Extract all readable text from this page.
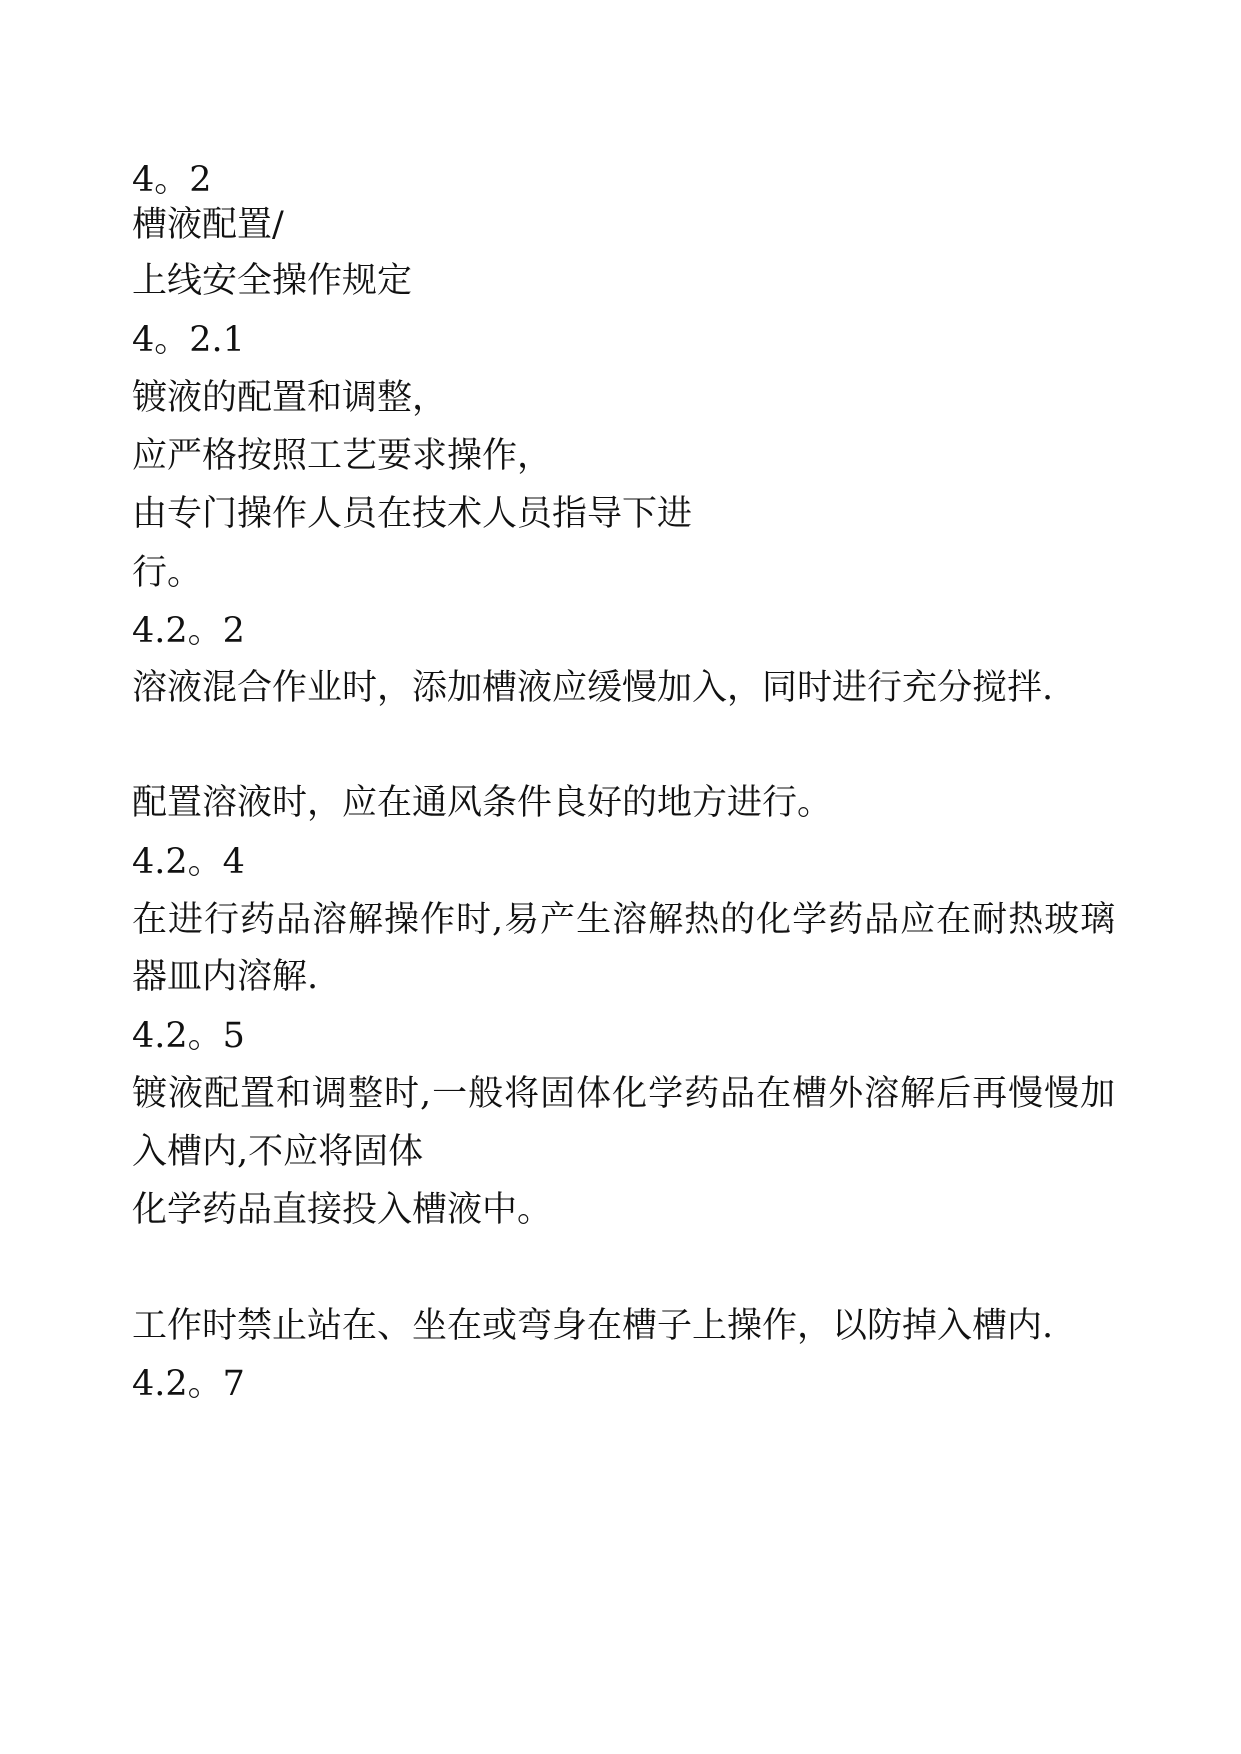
4。2

槽液配置/

上线安全操作规定

4。2.1

镀液的配置和调整，

应严格按照工艺要求操作，

由专门操作人员在技术人员指导下进

行。

4.2。2

溶液混合作业时，添加槽液应缓慢加入，同时进行充分搅拌.

配置溶液时，应在通风条件良好的地方进行。

4.2。4

在进行药品溶解操作时,易产生溶解热的化学药品应在耐热玻璃

器皿内溶解.

4.2。5

镀液配置和调整时,一般将固体化学药品在槽外溶解后再慢慢加

入槽内,不应将固体

化学药品直接投入槽液中。

工作时禁止站在、坐在或弯身在槽子上操作，以防掉入槽内.

4.2。7
